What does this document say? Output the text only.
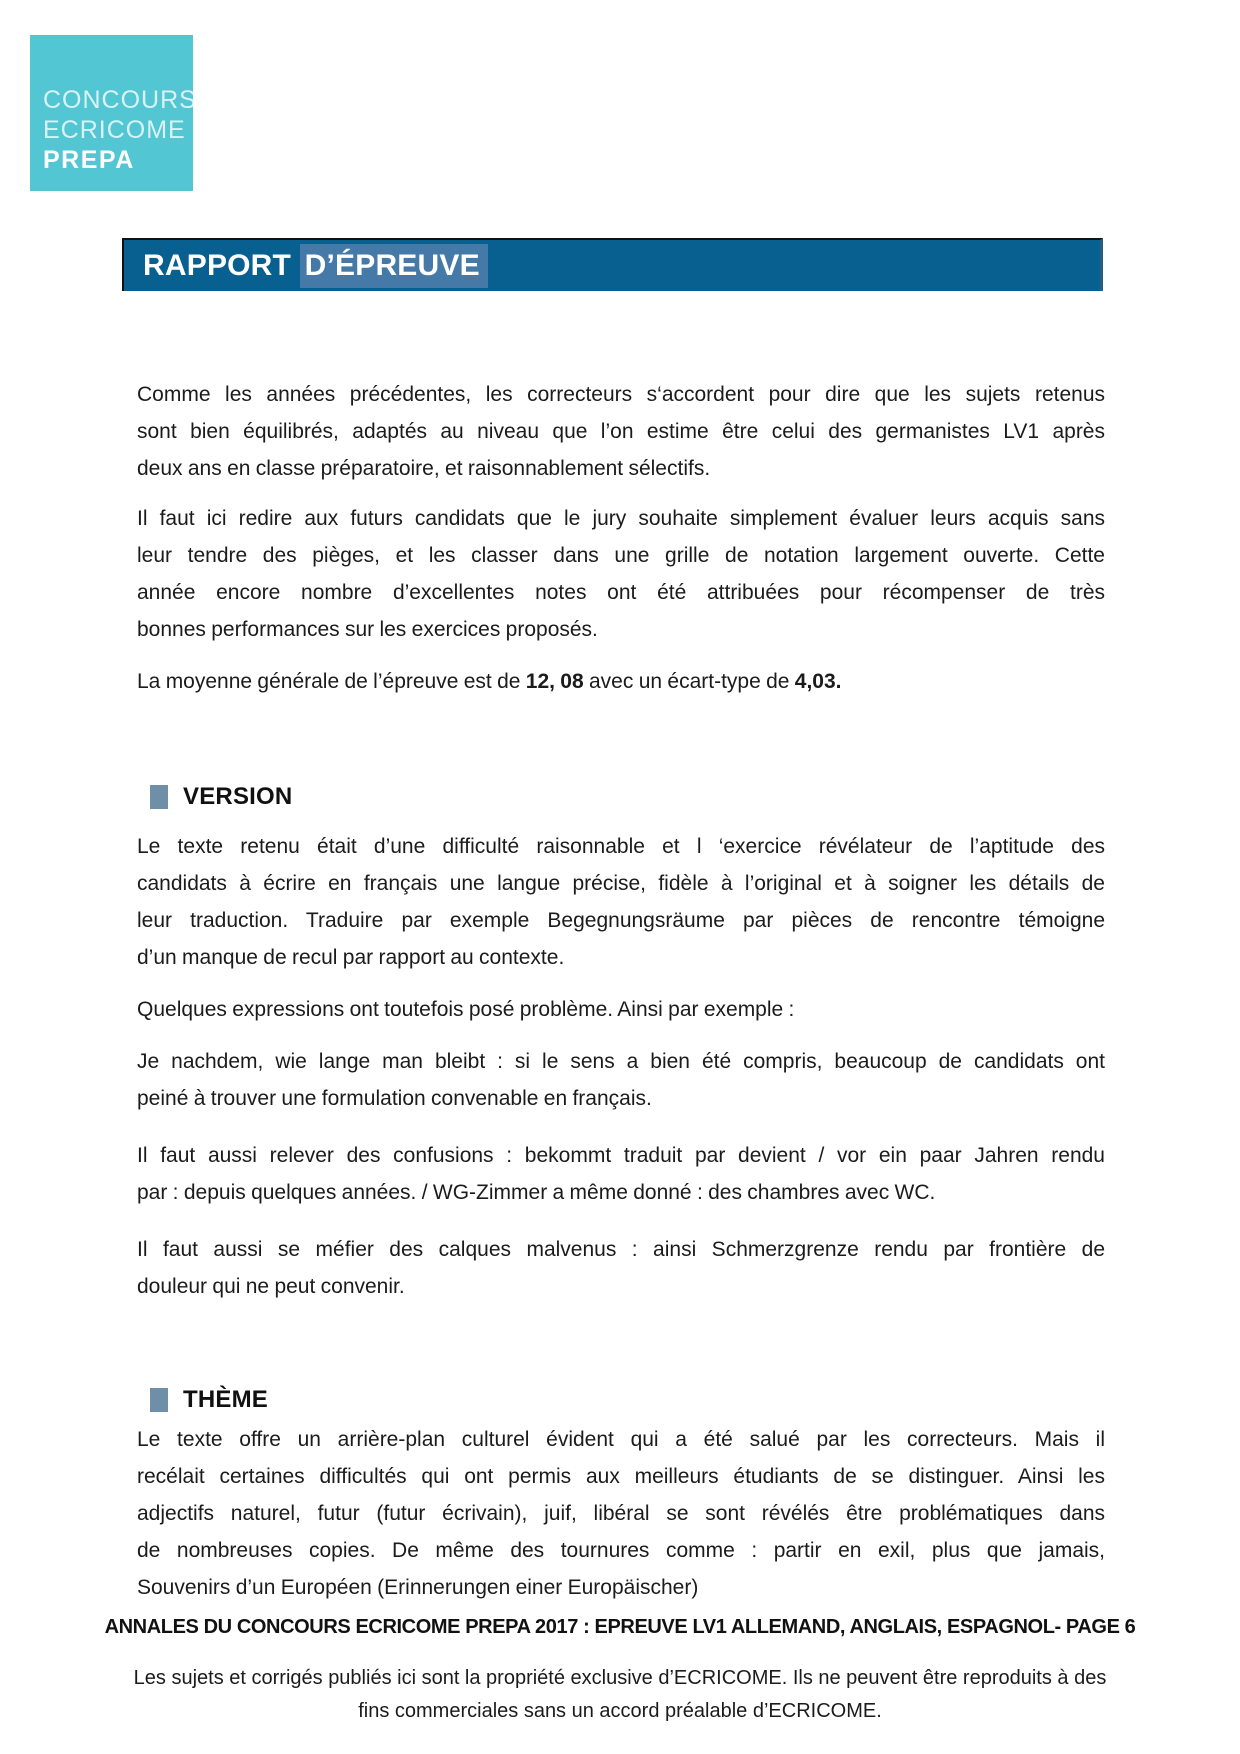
CONCOURS
ECRICOME
PREPA
RAPPORT D’ÉPREUVE
Comme les années précédentes, les correcteurs s‘accordent pour dire que les sujets retenus
sont bien équilibrés, adaptés au niveau que l’on estime être celui des germanistes LV1 après
deux ans en classe préparatoire, et raisonnablement sélectifs.
Il faut ici redire aux futurs candidats que le jury souhaite simplement évaluer leurs acquis sans
leur tendre des pièges, et les classer dans une grille de notation largement ouverte. Cette
année encore nombre d’excellentes notes ont été attribuées pour récompenser de très
bonnes performances sur les exercices proposés.
La moyenne générale de l’épreuve est de 12, 08 avec un écart-type de 4,03.
VERSION
Le texte retenu était d’une difficulté raisonnable et l ‘exercice révélateur de l’aptitude des
candidats à écrire en français une langue précise, fidèle à l’original et à soigner les détails de
leur traduction. Traduire par exemple Begegnungsräume par pièces de rencontre témoigne
d’un manque de recul par rapport au contexte.
Quelques expressions ont toutefois posé problème. Ainsi par exemple :
Je nachdem, wie lange man bleibt : si le sens a bien été compris, beaucoup de candidats ont
peiné à trouver une formulation convenable en français.
Il faut aussi relever des confusions : bekommt traduit par devient / vor ein paar Jahren rendu
par : depuis quelques années. / WG-Zimmer a même donné : des chambres avec WC.
Il faut aussi se méfier des calques malvenus : ainsi Schmerzgrenze rendu par frontière de
douleur qui ne peut convenir.
THÈME
Le texte offre un arrière-plan culturel évident qui a été salué par les correcteurs. Mais il
recélait certaines difficultés qui ont permis aux meilleurs étudiants de se distinguer. Ainsi les
adjectifs naturel, futur (futur écrivain), juif, libéral se sont révélés être problématiques dans
de nombreuses copies. De même des tournures comme : partir en exil, plus que jamais,
Souvenirs d’un Européen (Erinnerungen einer Europäischer)
ANNALES DU CONCOURS ECRICOME PREPA 2017 : EPREUVE LV1 ALLEMAND, ANGLAIS, ESPAGNOL- PAGE 6
Les sujets et corrigés publiés ici sont la propriété exclusive d’ECRICOME. Ils ne peuvent être reproduits à des
fins commerciales sans un accord préalable d’ECRICOME.
